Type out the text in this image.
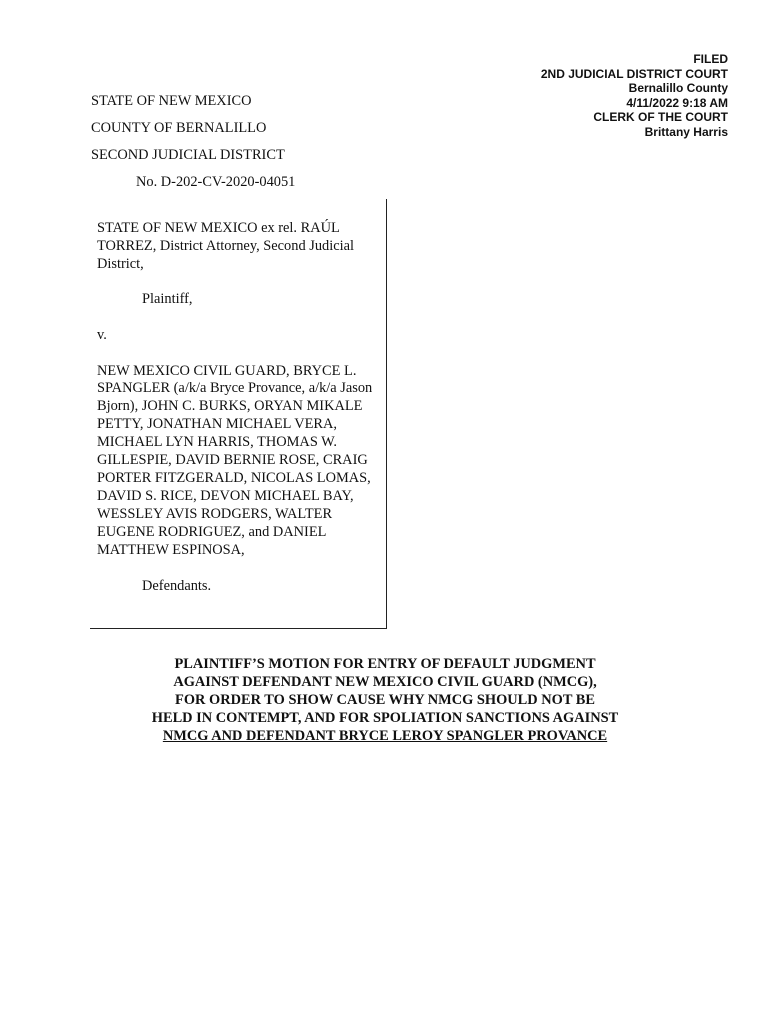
FILED
2ND JUDICIAL DISTRICT COURT
Bernalillo County
4/11/2022 9:18 AM
CLERK OF THE COURT
Brittany Harris
STATE OF NEW MEXICO
COUNTY OF BERNALILLO
SECOND JUDICIAL DISTRICT
No. D-202-CV-2020-04051

STATE OF NEW MEXICO ex rel. RAÚL TORREZ, District Attorney, Second Judicial District,

Plaintiff,

v.

NEW MEXICO CIVIL GUARD, BRYCE L. SPANGLER (a/k/a Bryce Provance, a/k/a Jason Bjorn), JOHN C. BURKS, ORYAN MIKALE PETTY, JONATHAN MICHAEL VERA, MICHAEL LYN HARRIS, THOMAS W. GILLESPIE, DAVID BERNIE ROSE, CRAIG PORTER FITZGERALD, NICOLAS LOMAS, DAVID S. RICE, DEVON MICHAEL BAY, WESSLEY AVIS RODGERS, WALTER EUGENE RODRIGUEZ, and DANIEL MATTHEW ESPINOSA,

Defendants.

PLAINTIFF’S MOTION FOR ENTRY OF DEFAULT JUDGMENT
AGAINST DEFENDANT NEW MEXICO CIVIL GUARD (NMCG),
FOR ORDER TO SHOW CAUSE WHY NMCG SHOULD NOT BE
HELD IN CONTEMPT, AND FOR SPOLIATION SANCTIONS AGAINST
NMCG AND DEFENDANT BRYCE LEROY SPANGLER PROVANCE
